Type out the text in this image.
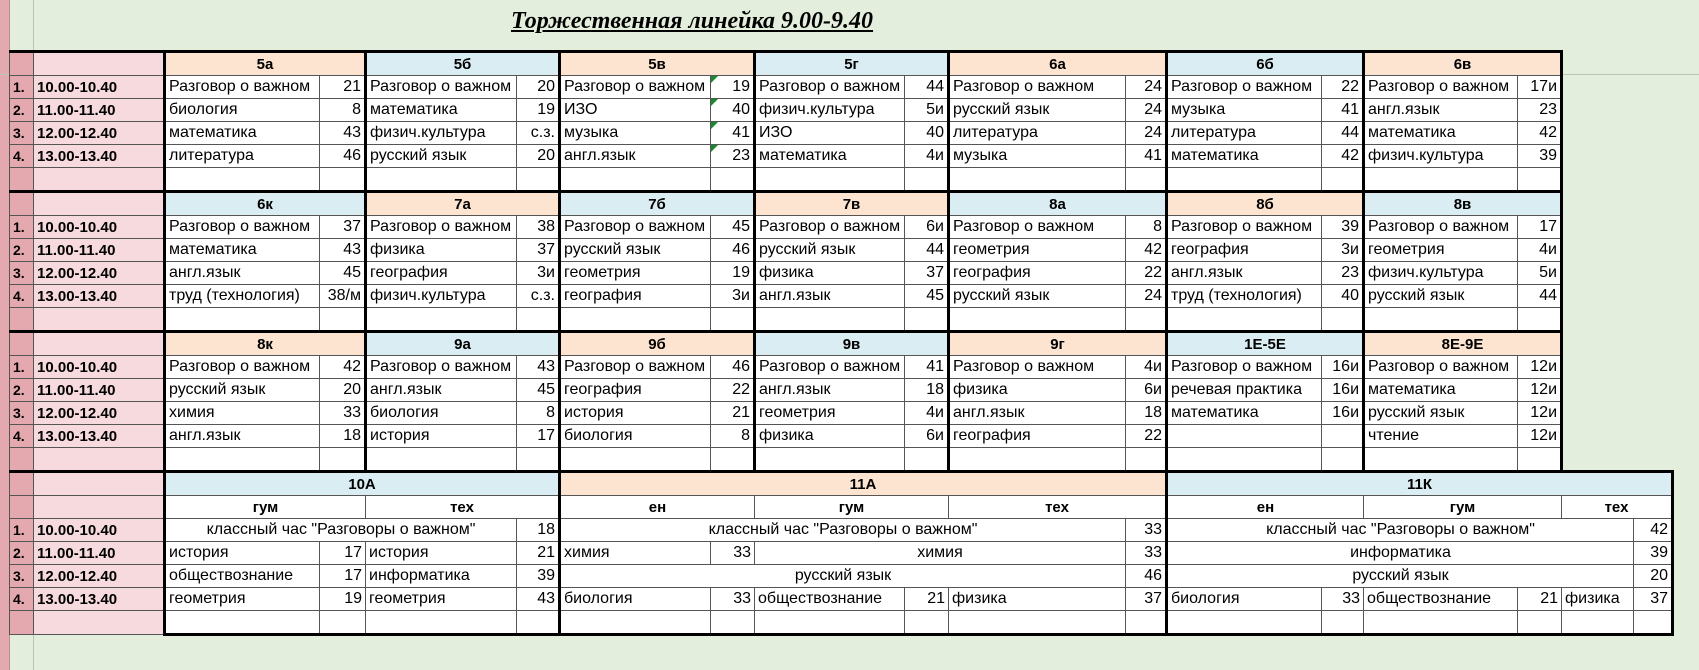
Торжественная линейка 9.00-9.40
		5а		5б		5в		5г		6а		6б		6в			
1.	10.00-10.40	Разговор о важном	21	Разговор о важном	20	Разговор о важном	19	Разговор о важном	44	Разговор о важном	24	Разговор о важном	22	Разговор о важном	17и		
2.	11.00-11.40	биология	8	математика	19	ИЗО	40	физич.культура	5и	русский язык	24	музыка	41	англ.язык	23		
3.	12.00-12.40	математика	43	физич.культура	с.з.	музыка	41	ИЗО	40	литература	24	литература	44	математика	42		
4.	13.00-13.40	литература	46	русский язык	20	англ.язык	23	математика	4и	музыка	41	математика	42	физич.культура	39		

		6к		7а		7б		7в		8а		8б		8в			
1.	10.00-10.40	Разговор о важном	37	Разговор о важном	38	Разговор о важном	45	Разговор о важном	6и	Разговор о важном	8	Разговор о важном	39	Разговор о важном	17		
2.	11.00-11.40	математика	43	физика	37	русский язык	46	русский язык	44	геометрия	42	география	3и	геометрия	4и		
3.	12.00-12.40	англ.язык	45	география	3и	геометрия	19	физика	37	география	22	англ.язык	23	физич.культура	5и		
4.	13.00-13.40	труд (технология)	38/м	физич.культура	с.з.	география	3и	англ.язык	45	русский язык	24	труд (технология)	40	русский язык	44		

		8к		9а		9б		9в		9г		1Е-5Е		8Е-9Е			
1.	10.00-10.40	Разговор о важном	42	Разговор о важном	43	Разговор о важном	46	Разговор о важном	41	Разговор о важном	4и	Разговор о важном	16и	Разговор о важном	12и		
2.	11.00-11.40	русский язык	20	англ.язык	45	география	22	англ.язык	18	физика	6и	речевая практика	16и	математика	12и		
3.	12.00-12.40	химия	33	биология	8	история	21	геометрия	4и	англ.язык	18	математика	16и	русский язык	12и		
4.	13.00-13.40	англ.язык	18	история	17	биология	8	физика	6и	география	22			чтение	12и		

		10А				11А						11К					
		гум		тех		ен		гум		тех		ен		гум		тех	
1.	10.00-10.40	классный час "Разговоры о важном"			18	классный час "Разговоры о важном"					33	классный час "Разговоры о важном"					42
2.	11.00-11.40	история	17	история	21	химия	33	химия			33	информатика					39
3.	12.00-12.40	обществознание	17	информатика	39	русский язык					46	русский язык					20
4.	13.00-13.40	геометрия	19	геометрия	43	биология	33	обществознание	21	физика	37	биология	33	обществознание	21	физика	37
